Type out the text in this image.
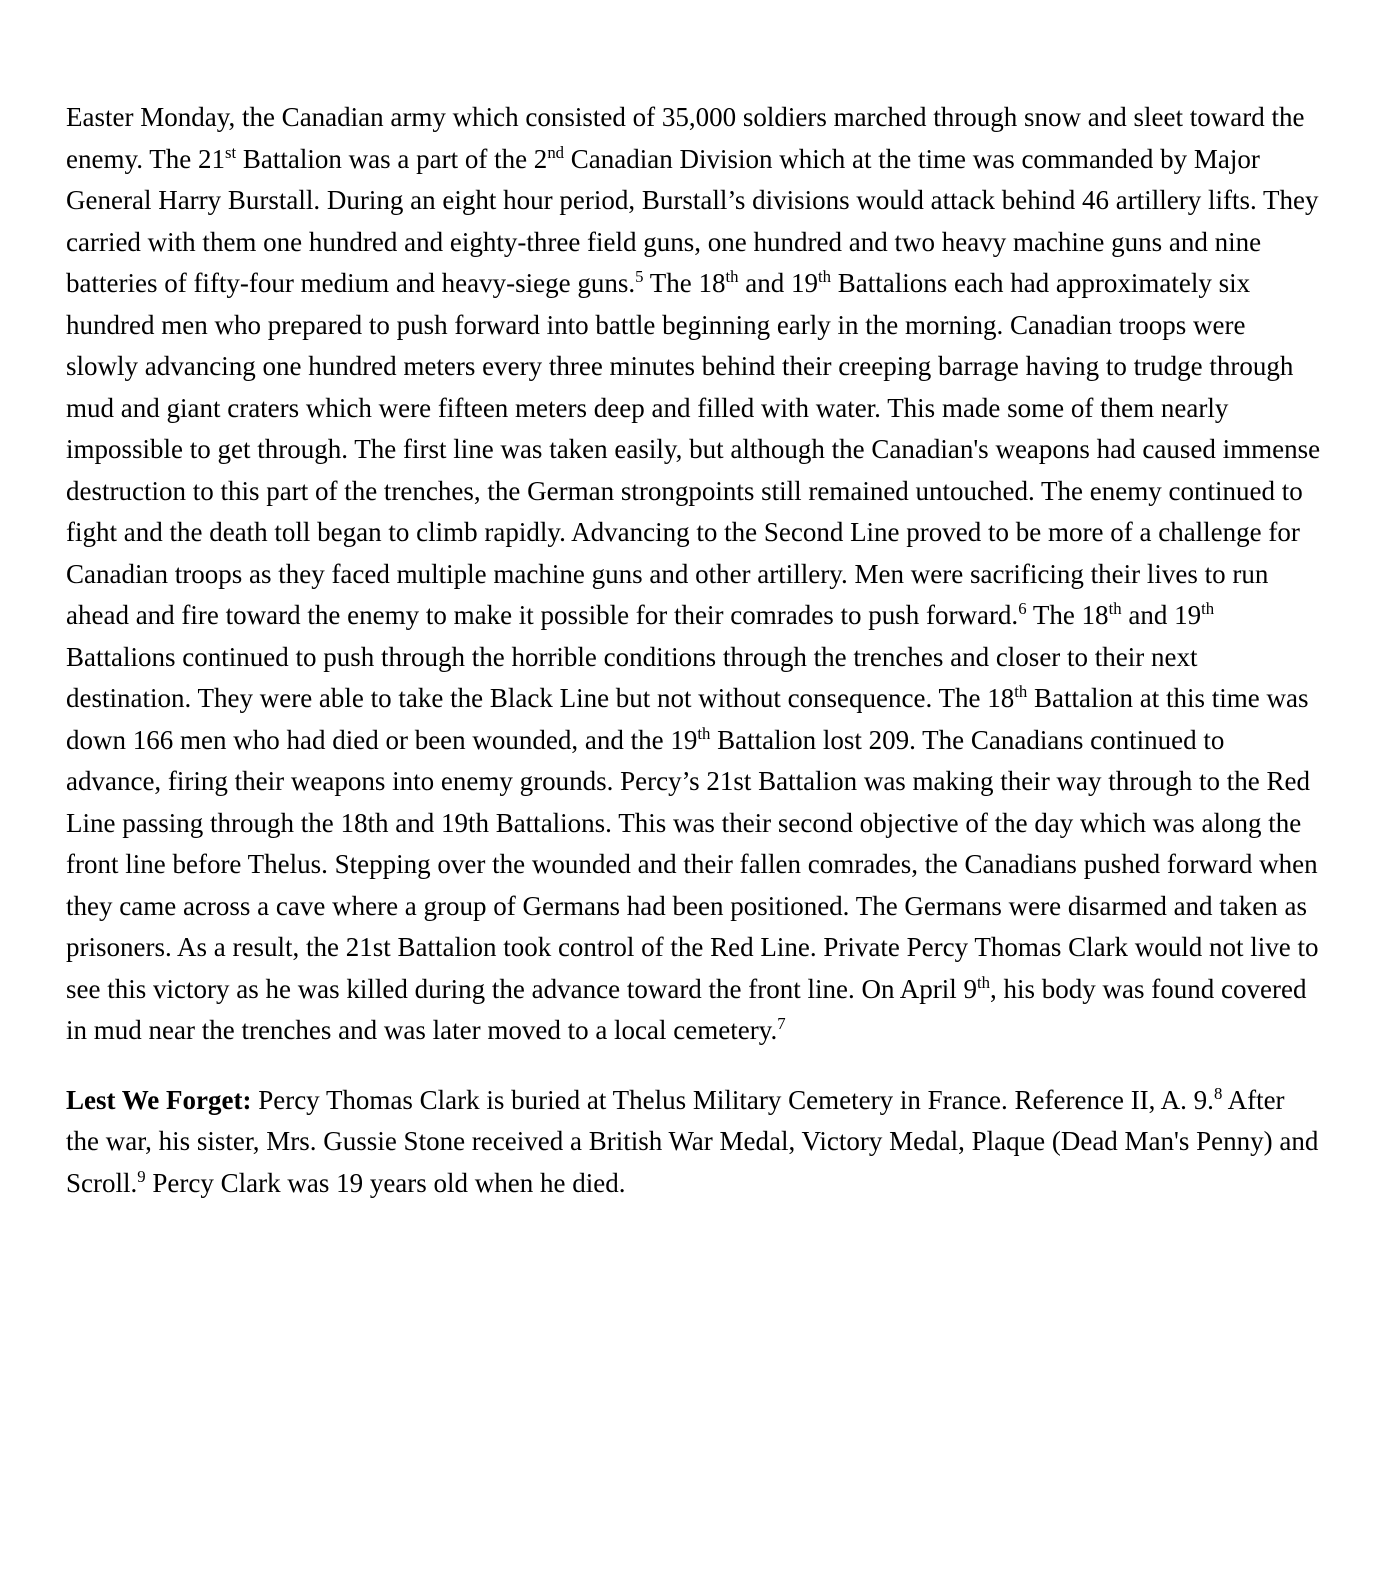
Easter Monday, the Canadian army which consisted of 35,000 soldiers marched through snow and sleet toward the enemy. The 21st Battalion was a part of the 2nd Canadian Division which at the time was commanded by Major General Harry Burstall. During an eight hour period, Burstall’s divisions would attack behind 46 artillery lifts. They carried with them one hundred and eighty-three field guns, one hundred and two heavy machine guns and nine batteries of fifty-four medium and heavy-siege guns.$^5$ The 18th and 19th Battalions each had approximately six hundred men who prepared to push forward into battle beginning early in the morning. Canadian troops were slowly advancing one hundred meters every three minutes behind their creeping barrage having to trudge through mud and giant craters which were fifteen meters deep and filled with water. This made some of them nearly impossible to get through. The first line was taken easily, but although the Canadian's weapons had caused immense destruction to this part of the trenches, the German strongpoints still remained untouched. The enemy continued to fight and the death toll began to climb rapidly. Advancing to the Second Line proved to be more of a challenge for Canadian troops as they faced multiple machine guns and other artillery. Men were sacrificing their lives to run ahead and fire toward the enemy to make it possible for their comrades to push forward.$^6$ The 18th and 19th Battalions continued to push through the horrible conditions through the trenches and closer to their next destination. They were able to take the Black Line but not without consequence. The 18th Battalion at this time was down 166 men who had died or been wounded, and the 19th Battalion lost 209. The Canadians continued to advance, firing their weapons into enemy grounds. Percy’s 21st Battalion was making their way through to the Red Line passing through the 18th and 19th Battalions. This was their second objective of the day which was along the front line before Thelus. Stepping over the wounded and their fallen comrades, the Canadians pushed forward when they came across a cave where a group of Germans had been positioned. The Germans were disarmed and taken as prisoners. As a result, the 21st Battalion took control of the Red Line. Private Percy Thomas Clark would not live to see this victory as he was killed during the advance toward the front line. On April 9th, his body was found covered in mud near the trenches and was later moved to a local cemetery.$^7$

Lest We Forget: Percy Thomas Clark is buried at Thelus Military Cemetery in France. Reference II, A. 9.$^8$ After the war, his sister, Mrs. Gussie Stone received a British War Medal, Victory Medal, Plaque (Dead Man's Penny) and Scroll.$^9$ Percy Clark was 19 years old when he died.
